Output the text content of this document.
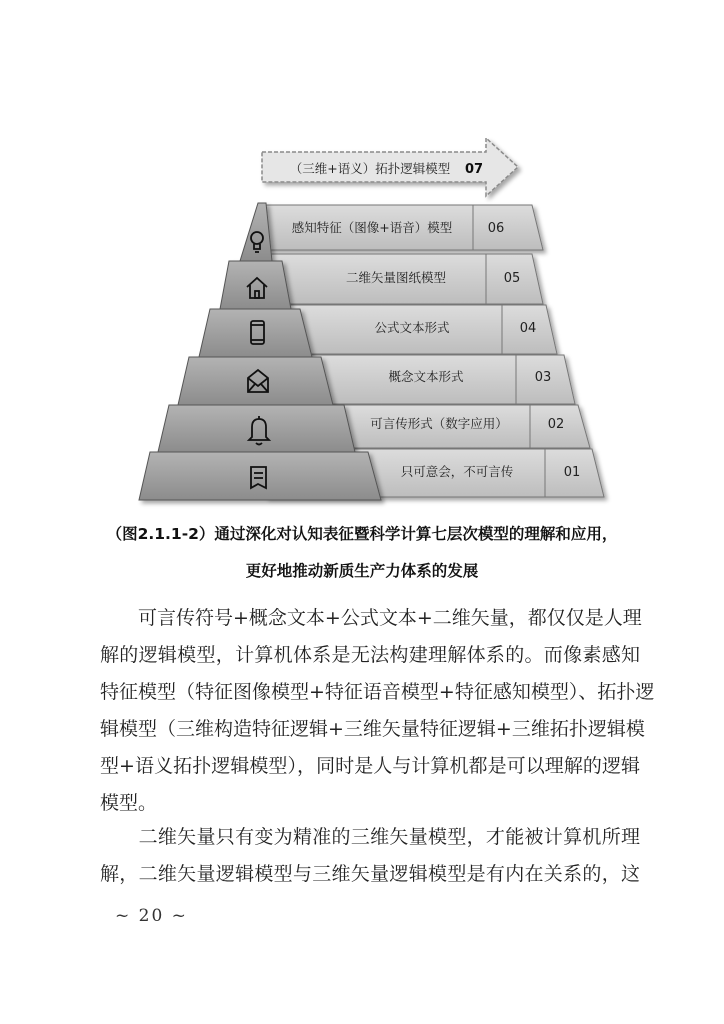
（三维+语义）拓扑逻辑模型 07
感知特征（图像+语音）模型	06
二维矢量图纸模型	05
公式文本形式	04
概念文本形式	03
可言传形式（数字应用）	02
只可意会，不可言传	01
（图2.1.1-2）通过深化对认知表征暨科学计算七层次模型的理解和应用，
更好地推动新质生产力体系的发展
　　可言传符号+概念文本+公式文本+二维矢量，都仅仅是人理
解的逻辑模型，计算机体系是无法构建理解体系的。而像素感知
特征模型（特征图像模型+特征语音模型+特征感知模型）、拓扑逻
辑模型（三维构造特征逻辑+三维矢量特征逻辑+三维拓扑逻辑模
型+语义拓扑逻辑模型），同时是人与计算机都是可以理解的逻辑
模型。
　　二维矢量只有变为精准的三维矢量模型，才能被计算机所理
解，二维矢量逻辑模型与三维矢量逻辑模型是有内在关系的，这
~ 20 ~
